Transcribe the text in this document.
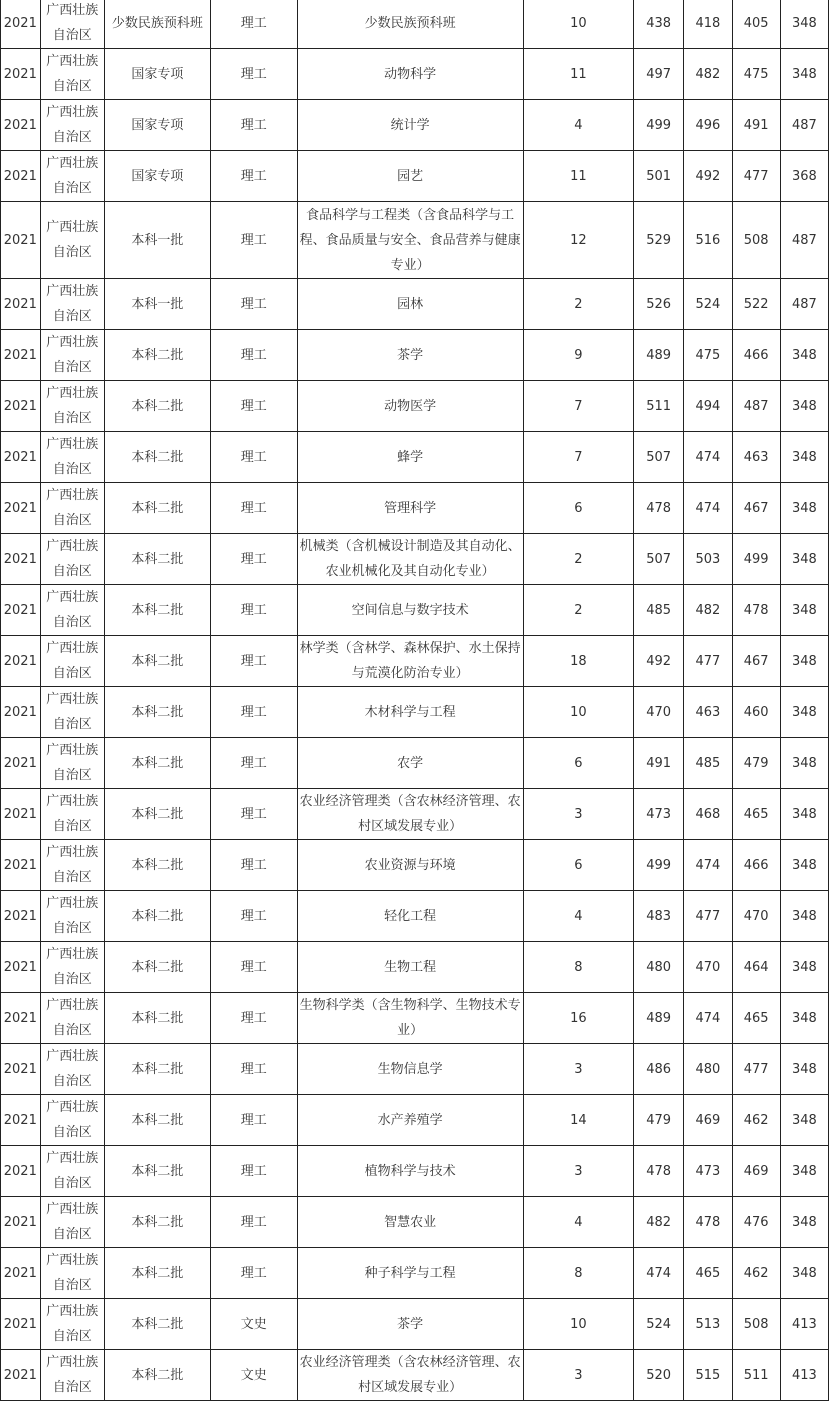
2021	广西壮族自治区	少数民族预科班	理工	少数民族预科班	10	438	418	405	348
2021	广西壮族自治区	国家专项	理工	动物科学	11	497	482	475	348
2021	广西壮族自治区	国家专项	理工	统计学	4	499	496	491	487
2021	广西壮族自治区	国家专项	理工	园艺	11	501	492	477	368
2021	广西壮族自治区	本科一批	理工	食品科学与工程类（含食品科学与工程、食品质量与安全、食品营养与健康专业）	12	529	516	508	487
2021	广西壮族自治区	本科一批	理工	园林	2	526	524	522	487
2021	广西壮族自治区	本科二批	理工	茶学	9	489	475	466	348
2021	广西壮族自治区	本科二批	理工	动物医学	7	511	494	487	348
2021	广西壮族自治区	本科二批	理工	蜂学	7	507	474	463	348
2021	广西壮族自治区	本科二批	理工	管理科学	6	478	474	467	348
2021	广西壮族自治区	本科二批	理工	机械类（含机械设计制造及其自动化、农业机械化及其自动化专业）	2	507	503	499	348
2021	广西壮族自治区	本科二批	理工	空间信息与数字技术	2	485	482	478	348
2021	广西壮族自治区	本科二批	理工	林学类（含林学、森林保护、水土保持与荒漠化防治专业）	18	492	477	467	348
2021	广西壮族自治区	本科二批	理工	木材科学与工程	10	470	463	460	348
2021	广西壮族自治区	本科二批	理工	农学	6	491	485	479	348
2021	广西壮族自治区	本科二批	理工	农业经济管理类（含农林经济管理、农村区域发展专业）	3	473	468	465	348
2021	广西壮族自治区	本科二批	理工	农业资源与环境	6	499	474	466	348
2021	广西壮族自治区	本科二批	理工	轻化工程	4	483	477	470	348
2021	广西壮族自治区	本科二批	理工	生物工程	8	480	470	464	348
2021	广西壮族自治区	本科二批	理工	生物科学类（含生物科学、生物技术专业）	16	489	474	465	348
2021	广西壮族自治区	本科二批	理工	生物信息学	3	486	480	477	348
2021	广西壮族自治区	本科二批	理工	水产养殖学	14	479	469	462	348
2021	广西壮族自治区	本科二批	理工	植物科学与技术	3	478	473	469	348
2021	广西壮族自治区	本科二批	理工	智慧农业	4	482	478	476	348
2021	广西壮族自治区	本科二批	理工	种子科学与工程	8	474	465	462	348
2021	广西壮族自治区	本科二批	文史	茶学	10	524	513	508	413
2021	广西壮族自治区	本科二批	文史	农业经济管理类（含农林经济管理、农村区域发展专业）	3	520	515	511	413
